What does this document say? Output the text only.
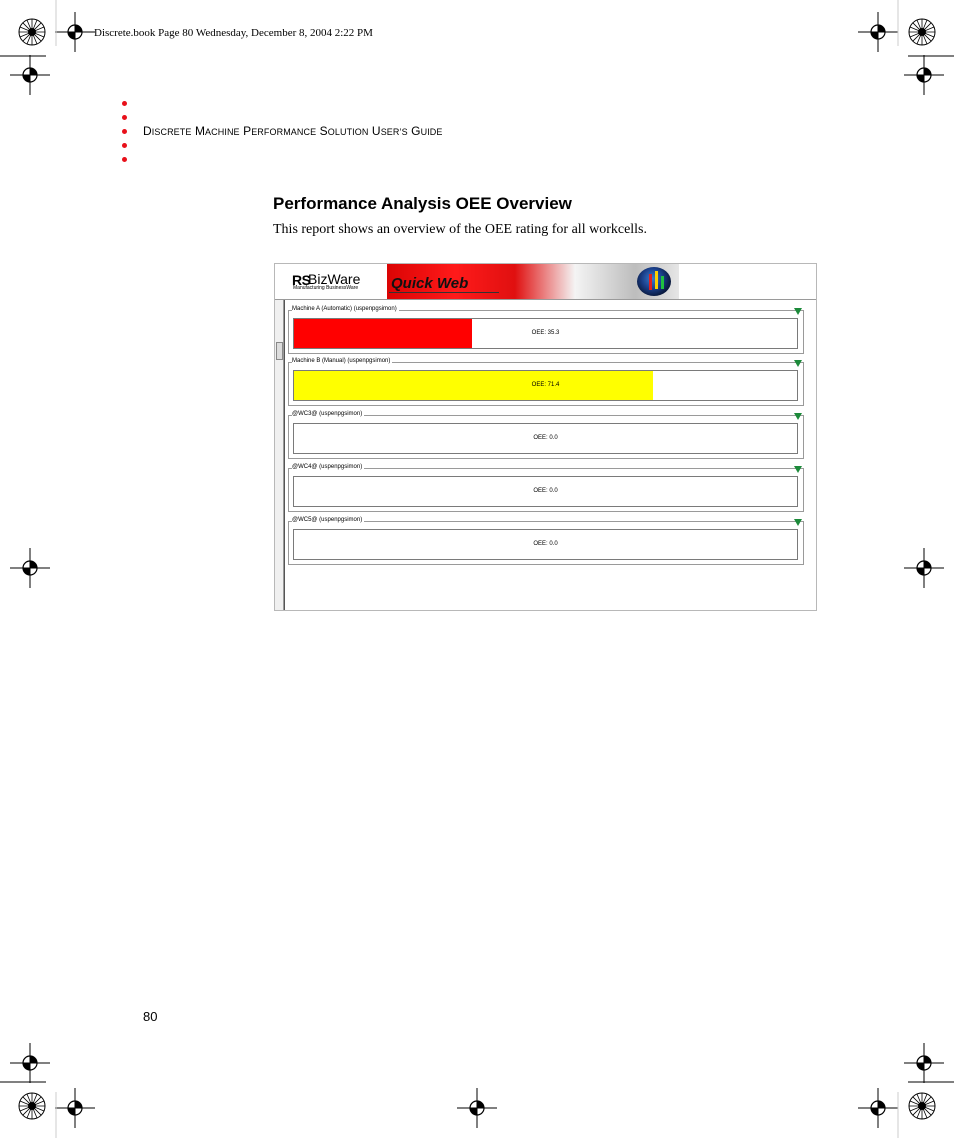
Discrete.book Page 80 Wednesday, December 8, 2004 2:22 PM
DISCRETE MACHINE PERFORMANCE SOLUTION USER’S GUIDE
Performance Analysis OEE Overview
This report shows an overview of the OEE rating for all workcells.
RS
BizWare
Manufacturing BusinessWare Quick Web
Machine A (Automatic) (uspenpgsimon)
OEE: 35.3
Machine B (Manual) (uspenpgsimon)
OEE: 71.4
@WC3@ (uspenpgsimon)
OEE: 0.0
@WC4@ (uspenpgsimon)
OEE: 0.0
@WC5@ (uspenpgsimon)
OEE: 0.0
80
